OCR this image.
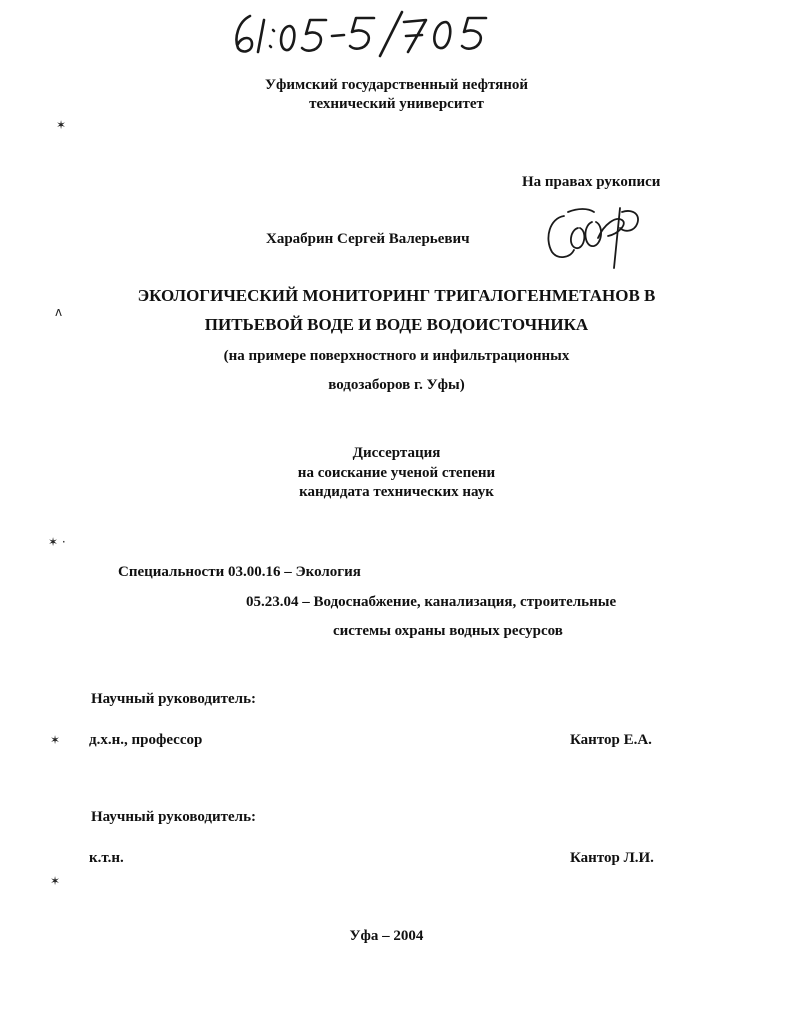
Уфимский государственный нефтяной
технический университет
✶
На правах рукописи
Харабрин Сергей Валерьевич
ЭКОЛОГИЧЕСКИЙ МОНИТОРИНГ ТРИГАЛОГЕНМЕТАНОВ В
ʌ
ПИТЬЕВОЙ ВОДЕ И ВОДЕ ВОДОИСТОЧНИКА
(на примере поверхностного и инфильтрационных
водозаборов г. Уфы)
Диссертация
на соискание ученой степени
кандидата технических наук
✶ ·
Специальности 03.00.16 – Экология
05.23.04 – Водоснабжение, канализация, строительные
системы охраны водных ресурсов
Научный руководитель:
✶ д.х.н., профессор	Кантор Е.А.
Научный руководитель:
к.т.н.	Кантор Л.И.
✶
Уфа – 2004
